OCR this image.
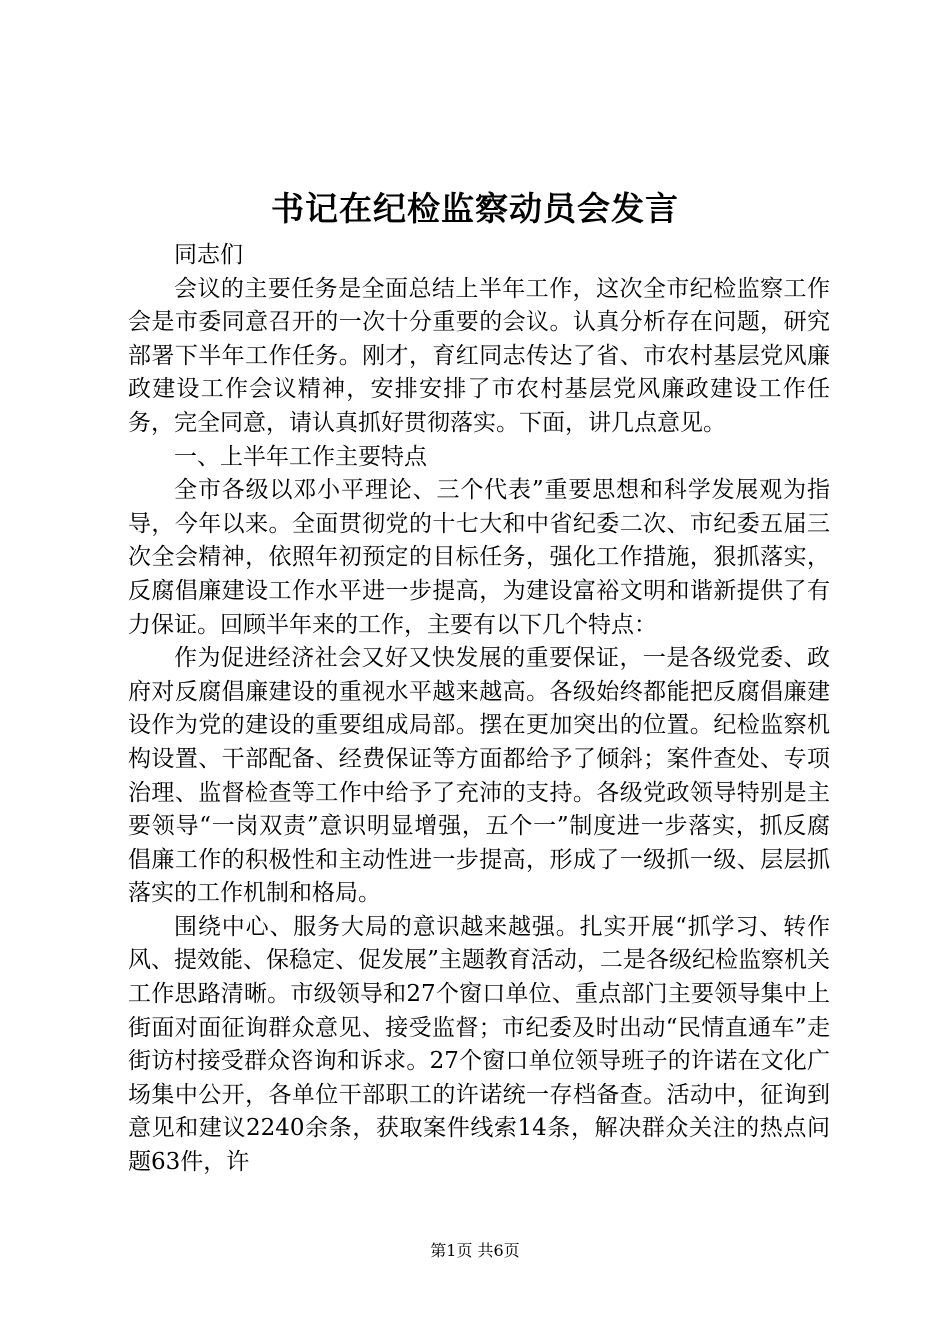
书记在纪检监察动员会发言

同志们

会议的主要任务是全面总结上半年工作，这次全市纪检监察工作会是市委同意召开的一次十分重要的会议。认真分析存在问题，研究部署下半年工作任务。刚才，育红同志传达了省、市农村基层党风廉政建设工作会议精神，安排安排了市农村基层党风廉政建设工作任务，完全同意，请认真抓好贯彻落实。下面，讲几点意见。

一、上半年工作主要特点

全市各级以邓小平理论、三个代表”重要思想和科学发展观为指导，今年以来。全面贯彻党的十七大和中省纪委二次、市纪委五届三次全会精神，依照年初预定的目标任务，强化工作措施，狠抓落实，反腐倡廉建设工作水平进一步提高，为建设富裕文明和谐新提供了有力保证。回顾半年来的工作，主要有以下几个特点：

作为促进经济社会又好又快发展的重要保证，一是各级党委、政府对反腐倡廉建设的重视水平越来越高。各级始终都能把反腐倡廉建设作为党的建设的重要组成局部。摆在更加突出的位置。纪检监察机构设置、干部配备、经费保证等方面都给予了倾斜；案件查处、专项治理、监督检查等工作中给予了充沛的支持。各级党政领导特别是主要领导“一岗双责”意识明显增强，五个一”制度进一步落实，抓反腐倡廉工作的积极性和主动性进一步提高，形成了一级抓一级、层层抓落实的工作机制和格局。

围绕中心、服务大局的意识越来越强。扎实开展“抓学习、转作风、提效能、保稳定、促发展”主题教育活动，二是各级纪检监察机关工作思路清晰。市级领导和27个窗口单位、重点部门主要领导集中上街面对面征询群众意见、接受监督；市纪委及时出动“民情直通车”走街访村接受群众咨询和诉求。27个窗口单位领导班子的许诺在文化广场集中公开，各单位干部职工的许诺统一存档备查。活动中，征询到意见和建议2240余条，获取案件线索14条，解决群众关注的热点问题63件，许

第1页 共6页
